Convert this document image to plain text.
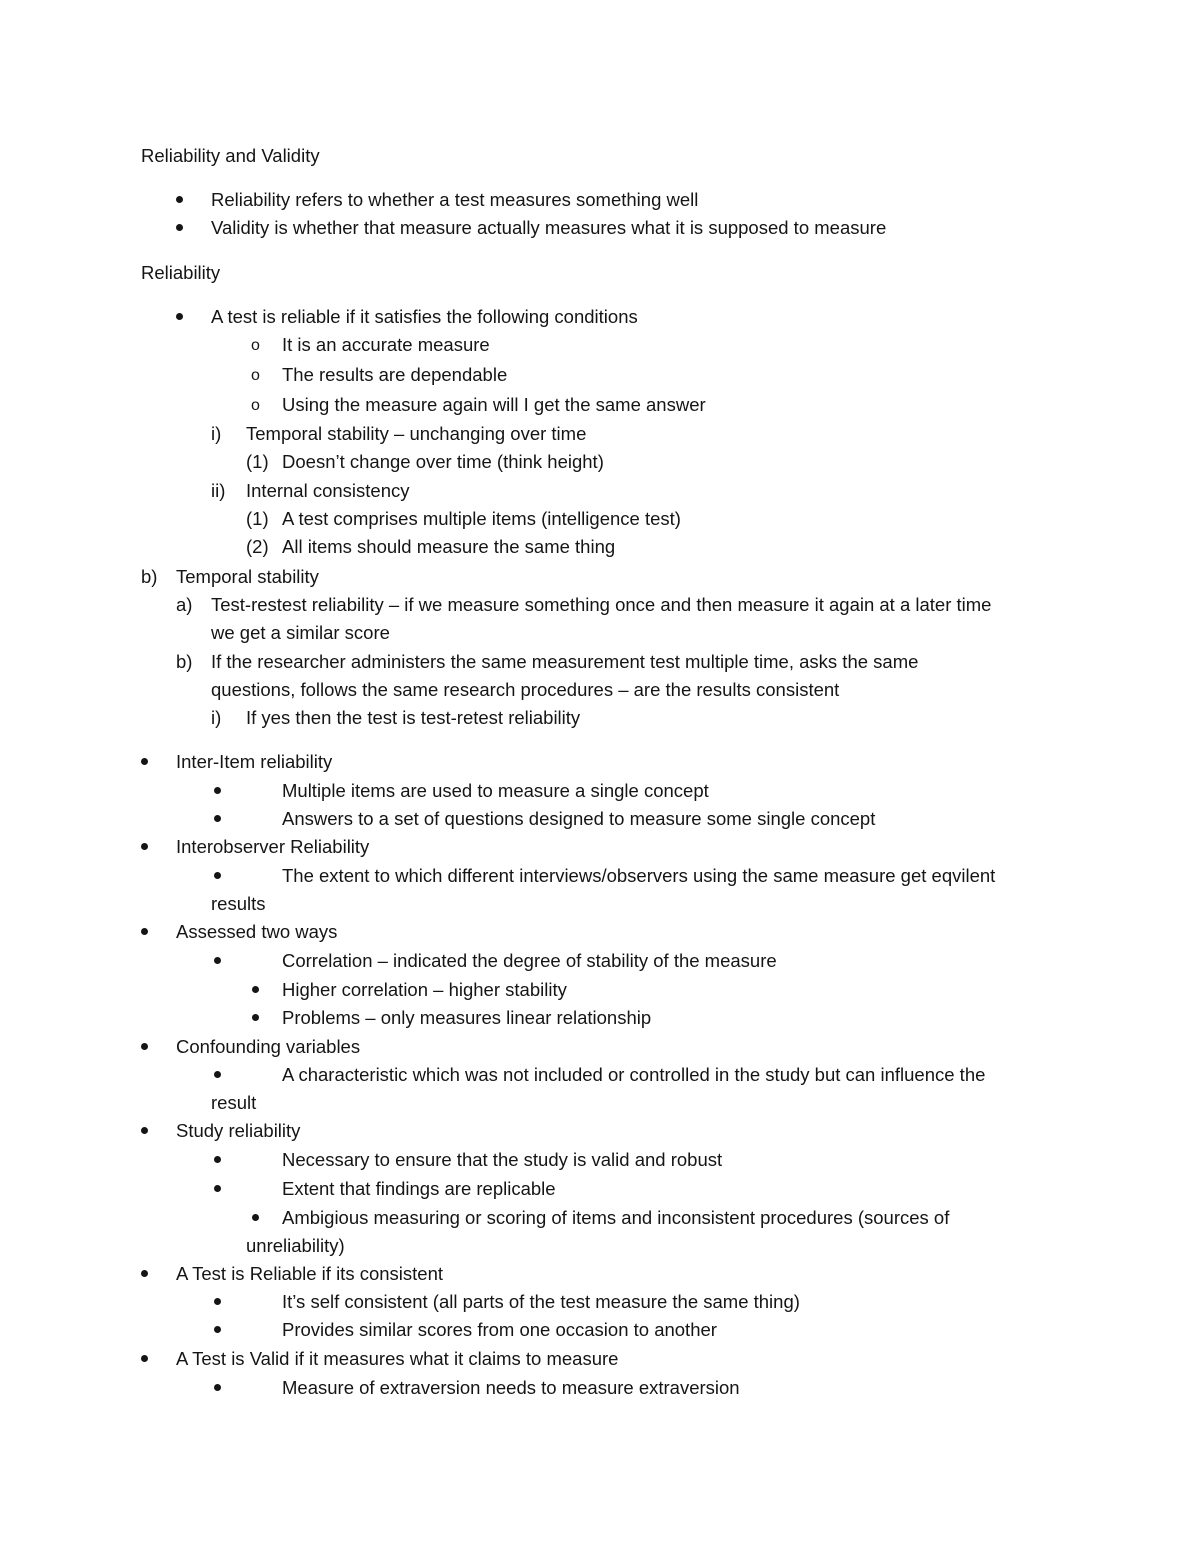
Reliability and Validity
Reliability refers to whether a test measures something well
Validity is whether that measure actually measures what it is supposed to measure
Reliability
A test is reliable if it satisfies the following conditions
o It is an accurate measure
o The results are dependable
o Using the measure again will I get the same answer
i) Temporal stability – unchanging over time
(1) Doesn’t change over time (think height)
ii) Internal consistency
(1) A test comprises multiple items (intelligence test)
(2) All items should measure the same thing
b) Temporal stability
a) Test-restest reliability – if we measure something once and then measure it again at a later time
we get a similar score
b) If the researcher administers the same measurement test multiple time, asks the same
questions, follows the same research procedures – are the results consistent
i) If yes then the test is test-retest reliability
Inter-Item reliability
Multiple items are used to measure a single concept
Answers to a set of questions designed to measure some single concept
Interobserver Reliability
The extent to which different interviews/observers using the same measure get eqvilent
results
Assessed two ways
Correlation – indicated the degree of stability of the measure
Higher correlation – higher stability
Problems – only measures linear relationship
Confounding variables
A characteristic which was not included or controlled in the study but can influence the
result
Study reliability
Necessary to ensure that the study is valid and robust
Extent that findings are replicable
Ambigious measuring or scoring of items and inconsistent procedures (sources of
unreliability)
A Test is Reliable if its consistent
It’s self consistent (all parts of the test measure the same thing)
Provides similar scores from one occasion to another
A Test is Valid if it measures what it claims to measure
Measure of extraversion needs to measure extraversion
